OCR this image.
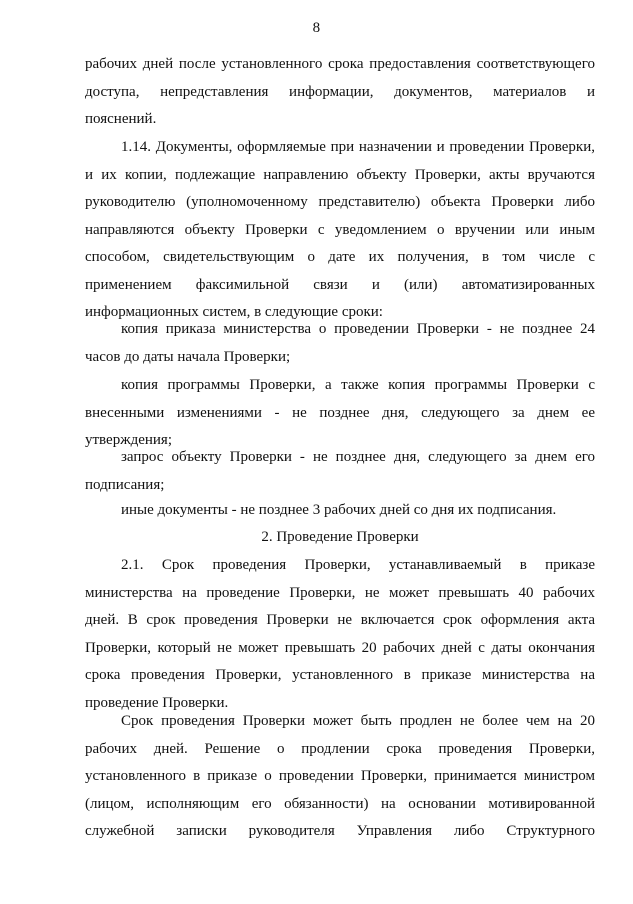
8
рабочих дней после установленного срока предоставления соответствующего
доступа, непредставления информации, документов, материалов и
пояснений.
1.14. Документы, оформляемые при назначении и проведении Проверки,
и их копии, подлежащие направлению объекту Проверки, акты вручаются
руководителю (уполномоченному представителю) объекта Проверки либо
направляются объекту Проверки с уведомлением о вручении или иным
способом, свидетельствующим о дате их получения, в том числе с
применением факсимильной связи и (или) автоматизированных
информационных систем, в следующие сроки:
копия приказа министерства о проведении Проверки - не позднее 24
часов до даты начала Проверки;
копия программы Проверки, а также копия программы Проверки с
внесенными изменениями - не позднее дня, следующего за днем ее
утверждения;
запрос объекту Проверки - не позднее дня, следующего за днем его
подписания;
иные документы - не позднее 3 рабочих дней со дня их подписания.
2. Проведение Проверки
2.1. Срок проведения Проверки, устанавливаемый в приказе
министерства на проведение Проверки, не может превышать 40 рабочих
дней. В срок проведения Проверки не включается срок оформления акта
Проверки, который не может превышать 20 рабочих дней с даты окончания
срока проведения Проверки, установленного в приказе министерства на
проведение Проверки.
Срок проведения Проверки может быть продлен не более чем на 20
рабочих дней. Решение о продлении срока проведения Проверки,
установленного в приказе о проведении Проверки, принимается министром
(лицом, исполняющим его обязанности) на основании мотивированной
служебной записки руководителя Управления либо Структурного
